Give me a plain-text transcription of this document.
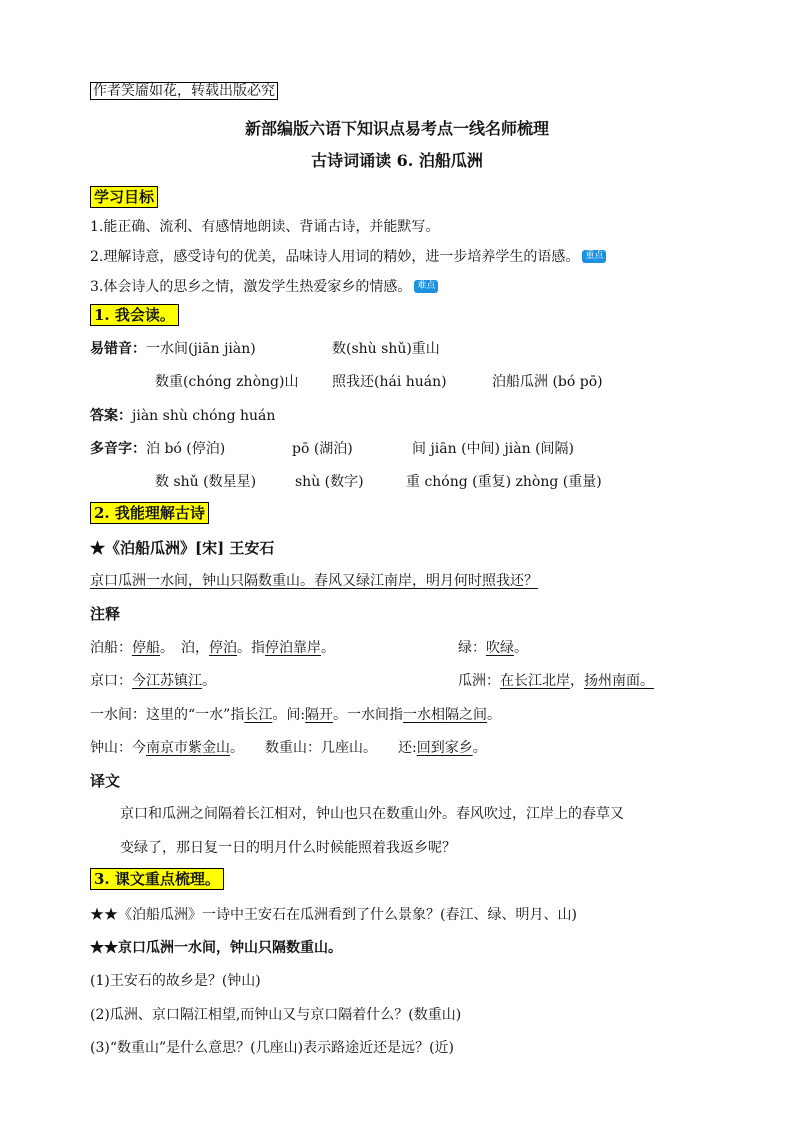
作者笑靥如花，转载出版必究
新部编版六语下知识点易考点一线名师梳理
古诗词诵读 6. 泊船瓜洲
学习目标
1.能正确、流利、有感情地朗读、背诵古诗，并能默写。
2.理解诗意，感受诗句的优美，品味诗人用词的精妙，进一步培养学生的语感。 重点
3.体会诗人的思乡之情，激发学生热爱家乡的情感。 难点
1. 我会读。
易错音：一水间(jiān jiàn)	数(shù shǔ)重山
数重(chóng zhòng)山 照我还(hái huán)	泊船瓜洲 (bó pō)
答案：jiàn shù chóng huán
多音字：泊 bó (停泊)	pō (湖泊)	间 jiān (中间) jiàn (间隔)
数 shǔ (数星星)	shù (数字)	重 chóng (重复) zhòng (重量)
2. 我能理解古诗
★《泊船瓜洲》[宋] 王安石
京口瓜洲一水间，钟山只隔数重山。春风又绿江南岸，明月何时照我还？
注释
泊船：停船。　泊，停泊。指停泊靠岸。	绿：吹绿。
京口：今江苏镇江。	瓜洲：在长江北岸，扬州南面。
一水间：这里的“一水”指长江。间:隔开。一水间指一水相隔之间。
钟山：今南京市紫金山。　　数重山：几座山。　　还:回到家乡。
译文
京口和瓜洲之间隔着长江相对，钟山也只在数重山外。春风吹过，江岸上的春草又
变绿了，那日复一日的明月什么时候能照着我返乡呢？
3. 课文重点梳理。
★★《泊船瓜洲》一诗中王安石在瓜洲看到了什么景象？(春江、绿、明月、山)
★★京口瓜洲一水间，钟山只隔数重山。
(1)王安石的故乡是？(钟山)
(2)瓜洲、京口隔江相望,而钟山又与京口隔着什么？(数重山)
(3)“数重山”是什么意思？(几座山)表示路途近还是远？(近)
